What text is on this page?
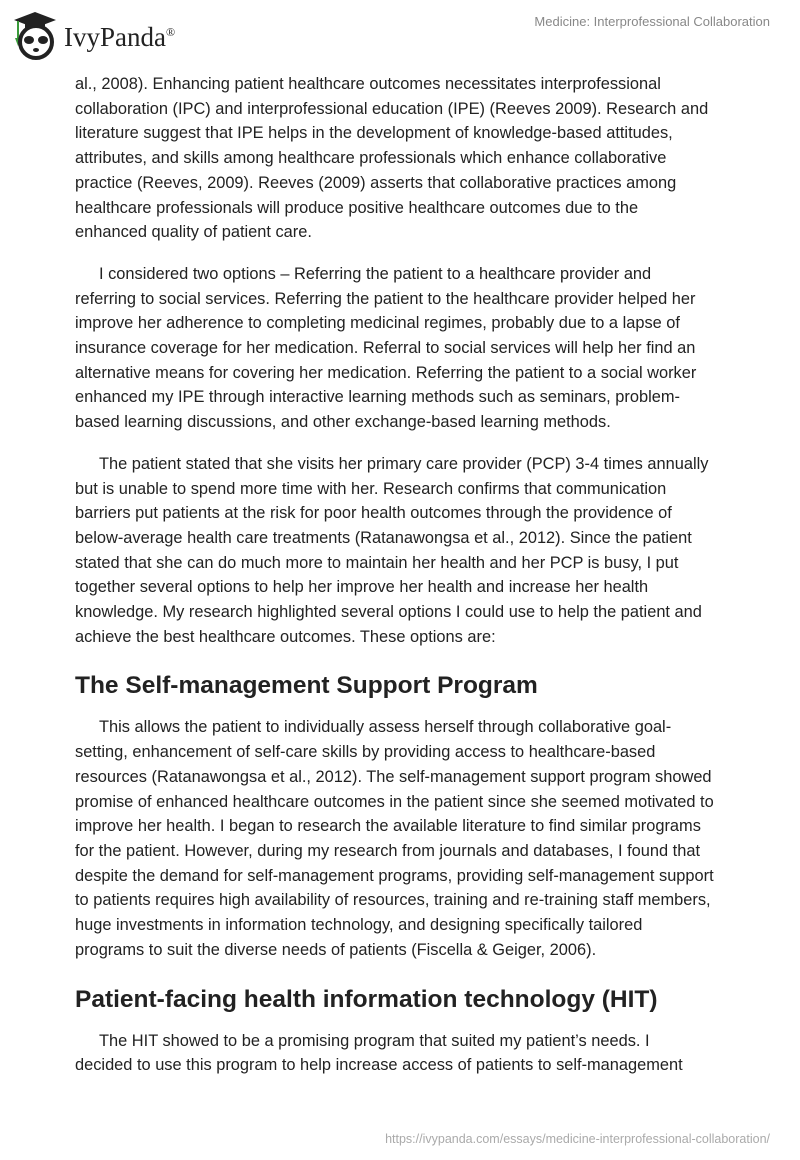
IvyPanda®
Medicine: Interprofessional Collaboration

al., 2008). Enhancing patient healthcare outcomes necessitates interprofessional
collaboration (IPC) and interprofessional education (IPE) (Reeves 2009). Research and
literature suggest that IPE helps in the development of knowledge-based attitudes,
attributes, and skills among healthcare professionals which enhance collaborative
practice (Reeves, 2009). Reeves (2009) asserts that collaborative practices among
healthcare professionals will produce positive healthcare outcomes due to the
enhanced quality of patient care.

I considered two options – Referring the patient to a healthcare provider and
referring to social services. Referring the patient to the healthcare provider helped her
improve her adherence to completing medicinal regimes, probably due to a lapse of
insurance coverage for her medication. Referral to social services will help her find an
alternative means for covering her medication. Referring the patient to a social worker
enhanced my IPE through interactive learning methods such as seminars, problem-
based learning discussions, and other exchange-based learning methods.

The patient stated that she visits her primary care provider (PCP) 3-4 times annually
but is unable to spend more time with her. Research confirms that communication
barriers put patients at the risk for poor health outcomes through the providence of
below-average health care treatments (Ratanawongsa et al., 2012). Since the patient
stated that she can do much more to maintain her health and her PCP is busy, I put
together several options to help her improve her health and increase her health
knowledge. My research highlighted several options I could use to help the patient and
achieve the best healthcare outcomes. These options are:

The Self-management Support Program

This allows the patient to individually assess herself through collaborative goal-
setting, enhancement of self-care skills by providing access to healthcare-based
resources (Ratanawongsa et al., 2012). The self-management support program showed
promise of enhanced healthcare outcomes in the patient since she seemed motivated to
improve her health. I began to research the available literature to find similar programs
for the patient. However, during my research from journals and databases, I found that
despite the demand for self-management programs, providing self-management support
to patients requires high availability of resources, training and re-training staff members,
huge investments in information technology, and designing specifically tailored
programs to suit the diverse needs of patients (Fiscella & Geiger, 2006).

Patient-facing health information technology (HIT)

The HIT showed to be a promising program that suited my patient’s needs. I
decided to use this program to help increase access of patients to self-management

https://ivypanda.com/essays/medicine-interprofessional-collaboration/
